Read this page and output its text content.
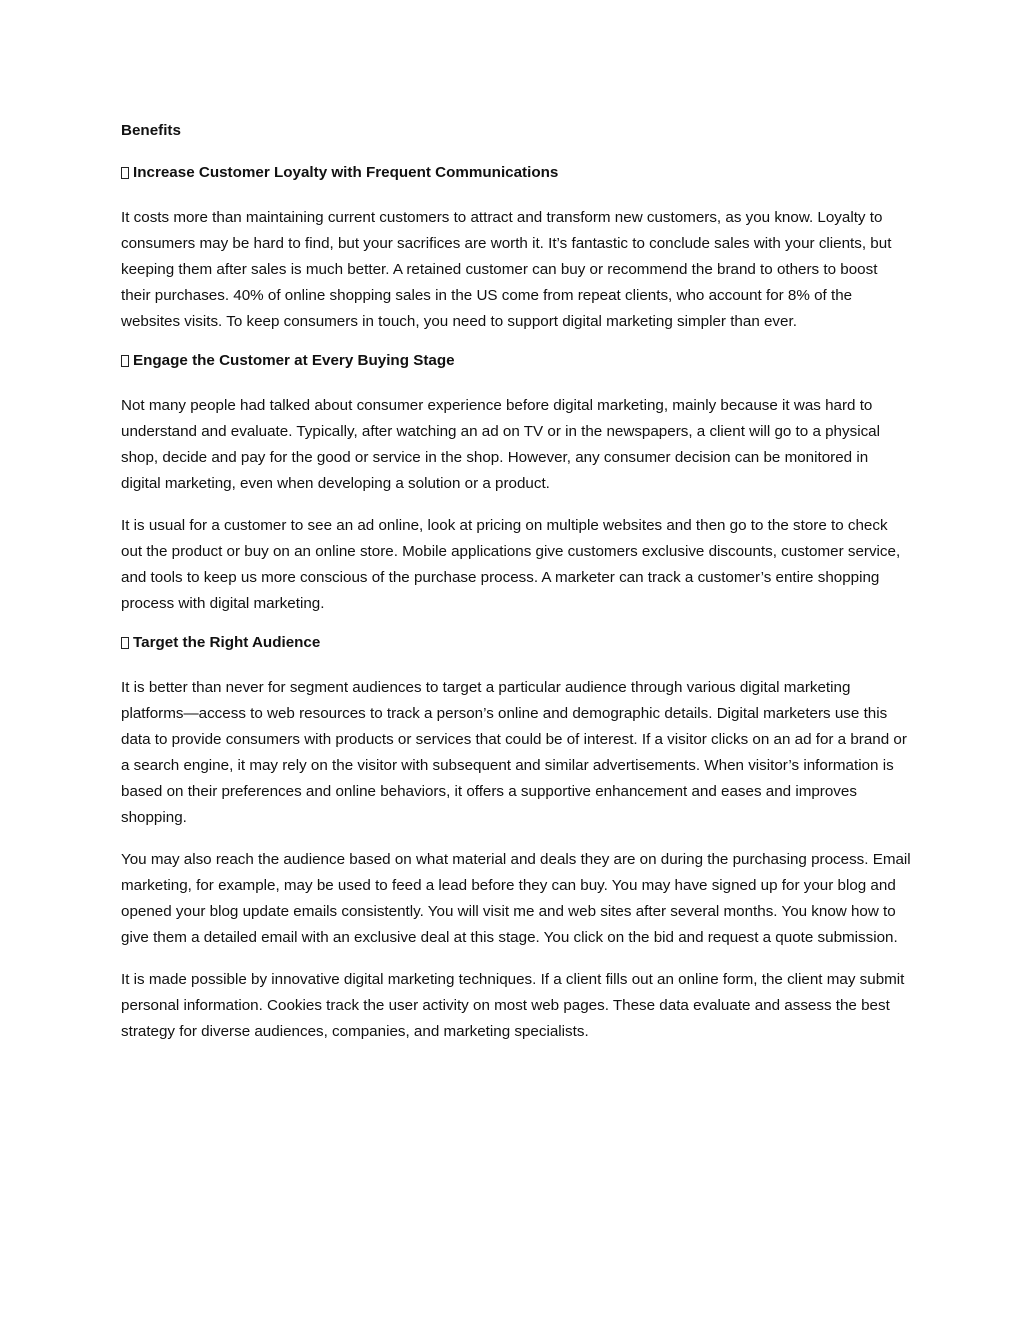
Benefits
Increase Customer Loyalty with Frequent Communications

It costs more than maintaining current customers to attract and transform new customers, as you know. Loyalty to consumers may be hard to find, but your sacrifices are worth it. It’s fantastic to conclude sales with your clients, but keeping them after sales is much better. A retained customer can buy or recommend the brand to others to boost their purchases. 40% of online shopping sales in the US come from repeat clients, who account for 8% of the websites visits. To keep consumers in touch, you need to support digital marketing simpler than ever.

Engage the Customer at Every Buying Stage

Not many people had talked about consumer experience before digital marketing, mainly because it was hard to understand and evaluate. Typically, after watching an ad on TV or in the newspapers, a client will go to a physical shop, decide and pay for the good or service in the shop. However, any consumer decision can be monitored in digital marketing, even when developing a solution or a product.

It is usual for a customer to see an ad online, look at pricing on multiple websites and then go to the store to check out the product or buy on an online store. Mobile applications give customers exclusive discounts, customer service, and tools to keep us more conscious of the purchase process. A marketer can track a customer’s entire shopping process with digital marketing.

Target the Right Audience

It is better than never for segment audiences to target a particular audience through various digital marketing platforms—access to web resources to track a person’s online and demographic details. Digital marketers use this data to provide consumers with products or services that could be of interest. If a visitor clicks on an ad for a brand or a search engine, it may rely on the visitor with subsequent and similar advertisements. When visitor’s information is based on their preferences and online behaviors, it offers a supportive enhancement and eases and improves shopping.

You may also reach the audience based on what material and deals they are on during the purchasing process. Email marketing, for example, may be used to feed a lead before they can buy. You may have signed up for your blog and opened your blog update emails consistently. You will visit me and web sites after several months. You know how to give them a detailed email with an exclusive deal at this stage. You click on the bid and request a quote submission.

It is made possible by innovative digital marketing techniques. If a client fills out an online form, the client may submit personal information. Cookies track the user activity on most web pages. These data evaluate and assess the best strategy for diverse audiences, companies, and marketing specialists.
